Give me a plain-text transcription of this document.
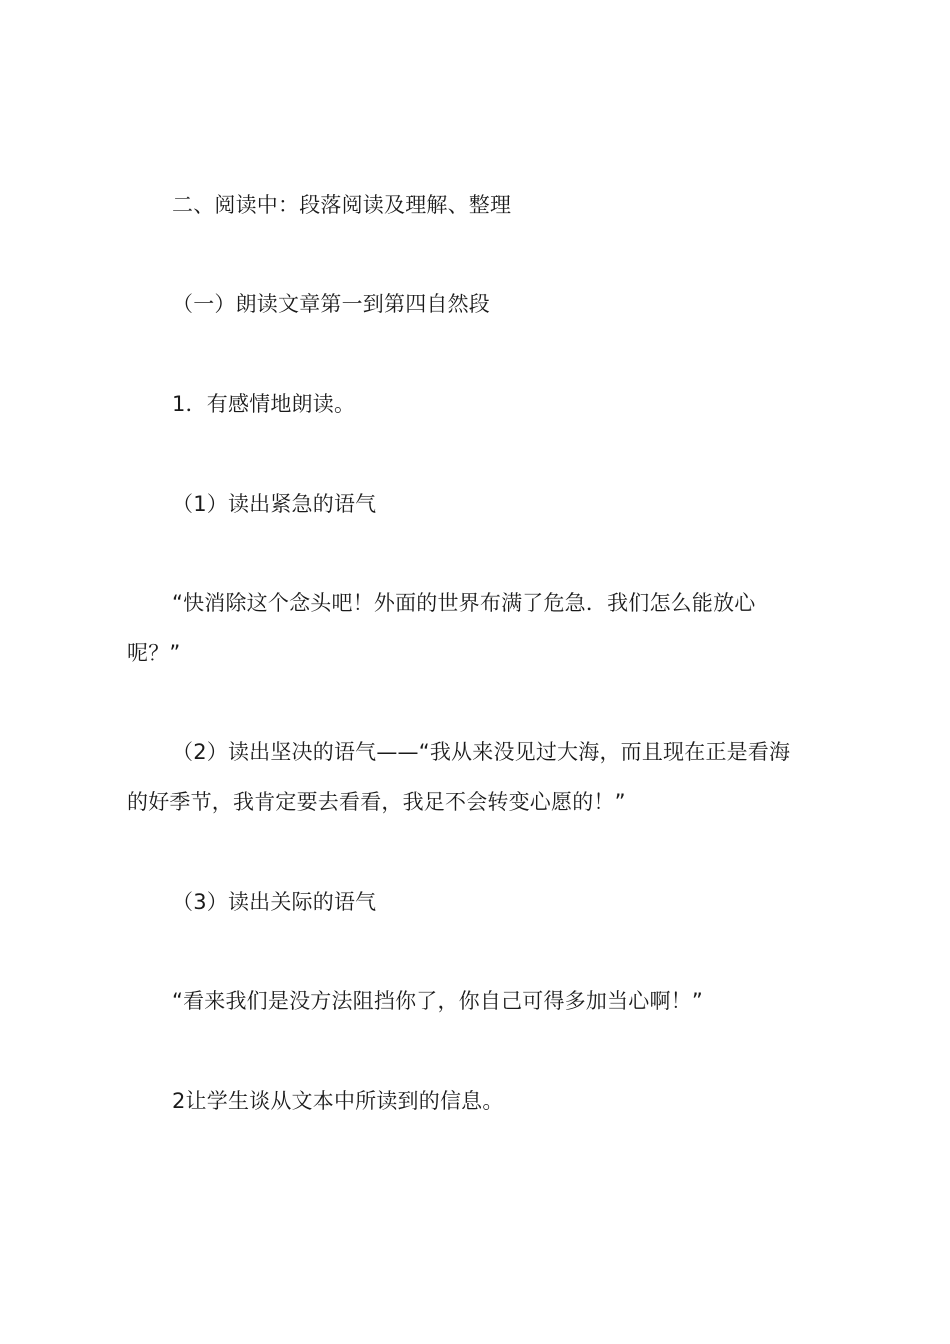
二、阅读中：段落阅读及理解、整理
（一）朗读文章第一到第四自然段
1．有感情地朗读。
（1）读出紧急的语气
“快消除这个念头吧！外面的世界布满了危急．我们怎么能放心
呢？”
（2）读出坚决的语气——“我从来没见过大海，而且现在正是看海
的好季节，我肯定要去看看，我足不会转变心愿的！”
（3）读出关际的语气
“看来我们是没方法阻挡你了，你自己可得多加当心啊！”
2让学生谈从文本中所读到的信息。
